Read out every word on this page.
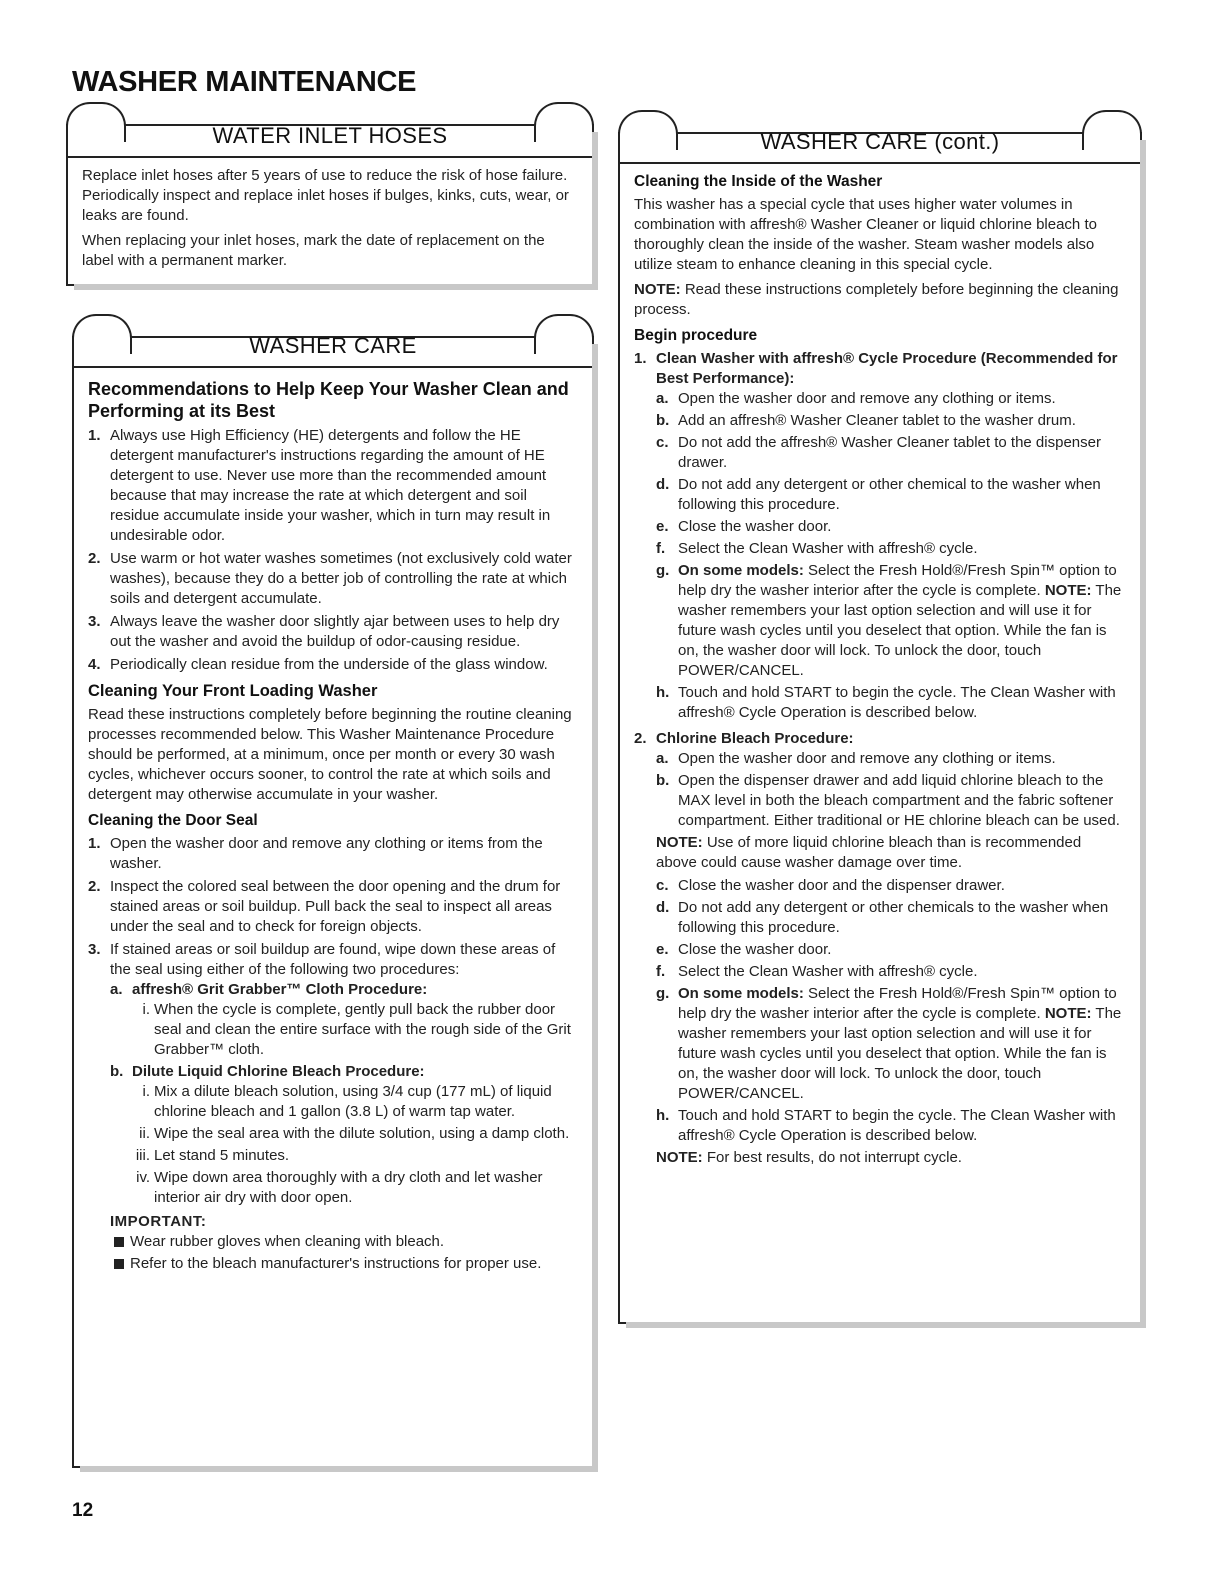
WASHER MAINTENANCE
WATER INLET HOSES

Replace inlet hoses after 5 years of use to reduce the risk of hose failure. Periodically inspect and replace inlet hoses if bulges, kinks, cuts, wear, or leaks are found.

When replacing your inlet hoses, mark the date of replacement on the label with a permanent marker.

WASHER CARE
Recommendations to Help Keep Your Washer Clean and Performing at its Best
1. Always use High Efficiency (HE) detergents and follow the HE detergent manufacturer's instructions regarding the amount of HE detergent to use. Never use more than the recommended amount because that may increase the rate at which detergent and soil residue accumulate inside your washer, which in turn may result in undesirable odor.
2. Use warm or hot water washes sometimes (not exclusively cold water washes), because they do a better job of controlling the rate at which soils and detergent accumulate.
3. Always leave the washer door slightly ajar between uses to help dry out the washer and avoid the buildup of odor-causing residue.
4. Periodically clean residue from the underside of the glass window.
Cleaning Your Front Loading Washer

Read these instructions completely before beginning the routine cleaning processes recommended below. This Washer Maintenance Procedure should be performed, at a minimum, once per month or every 30 wash cycles, whichever occurs sooner, to control the rate at which soils and detergent may otherwise accumulate in your washer.

Cleaning the Door Seal
1. Open the washer door and remove any clothing or items from the washer.
2. Inspect the colored seal between the door opening and the drum for stained areas or soil buildup. Pull back the seal to inspect all areas under the seal and to check for foreign objects.
3. If stained areas or soil buildup are found, wipe down these areas of the seal using either of the following two procedures:
a. affresh® Grit Grabber™ Cloth Procedure:
i. When the cycle is complete, gently pull back the rubber door seal and clean the entire surface with the rough side of the Grit Grabber™ cloth.
b. Dilute Liquid Chlorine Bleach Procedure:
i. Mix a dilute bleach solution, using 3/4 cup (177 mL) of liquid chlorine bleach and 1 gallon (3.8 L) of warm tap water.
ii. Wipe the seal area with the dilute solution, using a damp cloth.
iii. Let stand 5 minutes.
iv. Wipe down area thoroughly with a dry cloth and let washer interior air dry with door open.
IMPORTANT:
Wear rubber gloves when cleaning with bleach.
Refer to the bleach manufacturer's instructions for proper use.
WASHER CARE (cont.)
Cleaning the Inside of the Washer

This washer has a special cycle that uses higher water volumes in combination with affresh® Washer Cleaner or liquid chlorine bleach to thoroughly clean the inside of the washer. Steam washer models also utilize steam to enhance cleaning in this special cycle.

NOTE: Read these instructions completely before beginning the cleaning process.

Begin procedure
1. Clean Washer with affresh® Cycle Procedure (Recommended for Best Performance):
a. Open the washer door and remove any clothing or items.
b. Add an affresh® Washer Cleaner tablet to the washer drum.
c. Do not add the affresh® Washer Cleaner tablet to the dispenser drawer.
d. Do not add any detergent or other chemical to the washer when following this procedure.
e. Close the washer door.
f. Select the Clean Washer with affresh® cycle.
g. On some models: Select the Fresh Hold®/Fresh Spin™ option to help dry the washer interior after the cycle is complete. NOTE: The washer remembers your last option selection and will use it for future wash cycles until you deselect that option. While the fan is on, the washer door will lock. To unlock the door, touch POWER/CANCEL.
h. Touch and hold START to begin the cycle. The Clean Washer with affresh® Cycle Operation is described below.
2. Chlorine Bleach Procedure:
a. Open the washer door and remove any clothing or items.
b. Open the dispenser drawer and add liquid chlorine bleach to the MAX level in both the bleach compartment and the fabric softener compartment. Either traditional or HE chlorine bleach can be used.

NOTE: Use of more liquid chlorine bleach than is recommended above could cause washer damage over time.

c. Close the washer door and the dispenser drawer.
d. Do not add any detergent or other chemicals to the washer when following this procedure.
e. Close the washer door.
f. Select the Clean Washer with affresh® cycle.
g. On some models: Select the Fresh Hold®/Fresh Spin™ option to help dry the washer interior after the cycle is complete. NOTE: The washer remembers your last option selection and will use it for future wash cycles until you deselect that option. While the fan is on, the washer door will lock. To unlock the door, touch POWER/CANCEL.
h. Touch and hold START to begin the cycle. The Clean Washer with affresh® Cycle Operation is described below.

NOTE: For best results, do not interrupt cycle.

12
